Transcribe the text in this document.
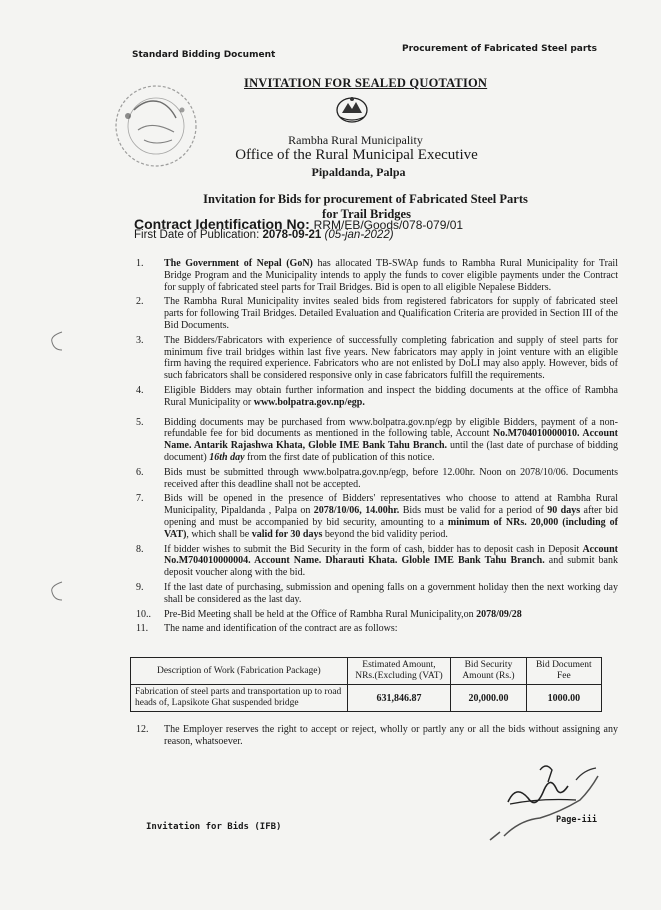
Standard Bidding Document
Procurement of Fabricated Steel parts
INVITATION FOR SEALED QUOTATION
Rambha Rural Municipality
Office of the Rural Municipal Executive
Pipaldanda, Palpa
Invitation for Bids for procurement of Fabricated Steel Parts
for Trail Bridges
Contract Identification No: RRM/EB/Goods/078-079/01
First Date of Publication: 2078-09-21 (05-jan-2022)
1. The Government of Nepal (GoN) has allocated TB-SWAp funds to Rambha Rural Municipality for Trail Bridge Program and the Municipality intends to apply the funds to cover eligible payments under the Contract for supply of fabricated steel parts for Trail Bridges. Bid is open to all eligible Nepalese Bidders.
2. The Rambha Rural Municipality invites sealed bids from registered fabricators for supply of fabricated steel parts for following Trail Bridges. Detailed Evaluation and Qualification Criteria are provided in Section III of the Bid Documents.
3. The Bidders/Fabricators with experience of successfully completing fabrication and supply of steel parts for minimum five trail bridges within last five years. New fabricators may apply in joint venture with an eligible firm having the required experience. Fabricators who are not enlisted by DoLI may also apply. However, bids of such fabricators shall be considered responsive only in case fabricators fulfill the requirements.
4. Eligible Bidders may obtain further information and inspect the bidding documents at the office of Rambha Rural Municipality or www.bolpatra.gov.np/egp.
5. Bidding documents may be purchased from www.bolpatra.gov.np/egp by eligible Bidders, payment of a non-refundable fee for bid documents as mentioned in the following table, Account No.M704010000010. Account Name. Antarik Rajashwa Khata, Globle IME Bank Tahu Branch. until the (last date of purchase of bidding document) 16th day from the first date of publication of this notice.
6. Bids must be submitted through www.bolpatra.gov.np/egp, before 12.00hr. Noon on 2078/10/06. Documents received after this deadline shall not be accepted.
7. Bids will be opened in the presence of Bidders' representatives who choose to attend at Rambha Rural Municipality, Pipaldanda , Palpa on 2078/10/06, 14.00hr. Bids must be valid for a period of 90 days after bid opening and must be accompanied by bid security, amounting to a minimum of NRs. 20,000 (including of VAT), which shall be valid for 30 days beyond the bid validity period.
8. If bidder wishes to submit the Bid Security in the form of cash, bidder has to deposit cash in Deposit Account No.M704010000004. Account Name. Dharauti Khata. Globle IME Bank Tahu Branch. and submit bank deposit voucher along with the bid.
9. If the last date of purchasing, submission and opening falls on a government holiday then the next working day shall be considered as the last day.
10.. Pre-Bid Meeting shall be held at the Office of Rambha Rural Municipality,on 2078/09/28
11. The name and identification of the contract are as follows:
Description of Work (Fabrication Package)	Estimated Amount, NRs.(Excluding (VAT)	Bid Security Amount (Rs.)	Bid Document Fee
Fabrication of steel parts and transportation up to road heads of, Lapsikote Ghat suspended bridge	631,846.87	20,000.00	1000.00
12. The Employer reserves the right to accept or reject, wholly or partly any or all the bids without assigning any reason, whatsoever.
Invitation for Bids (IFB)
Page-iii
